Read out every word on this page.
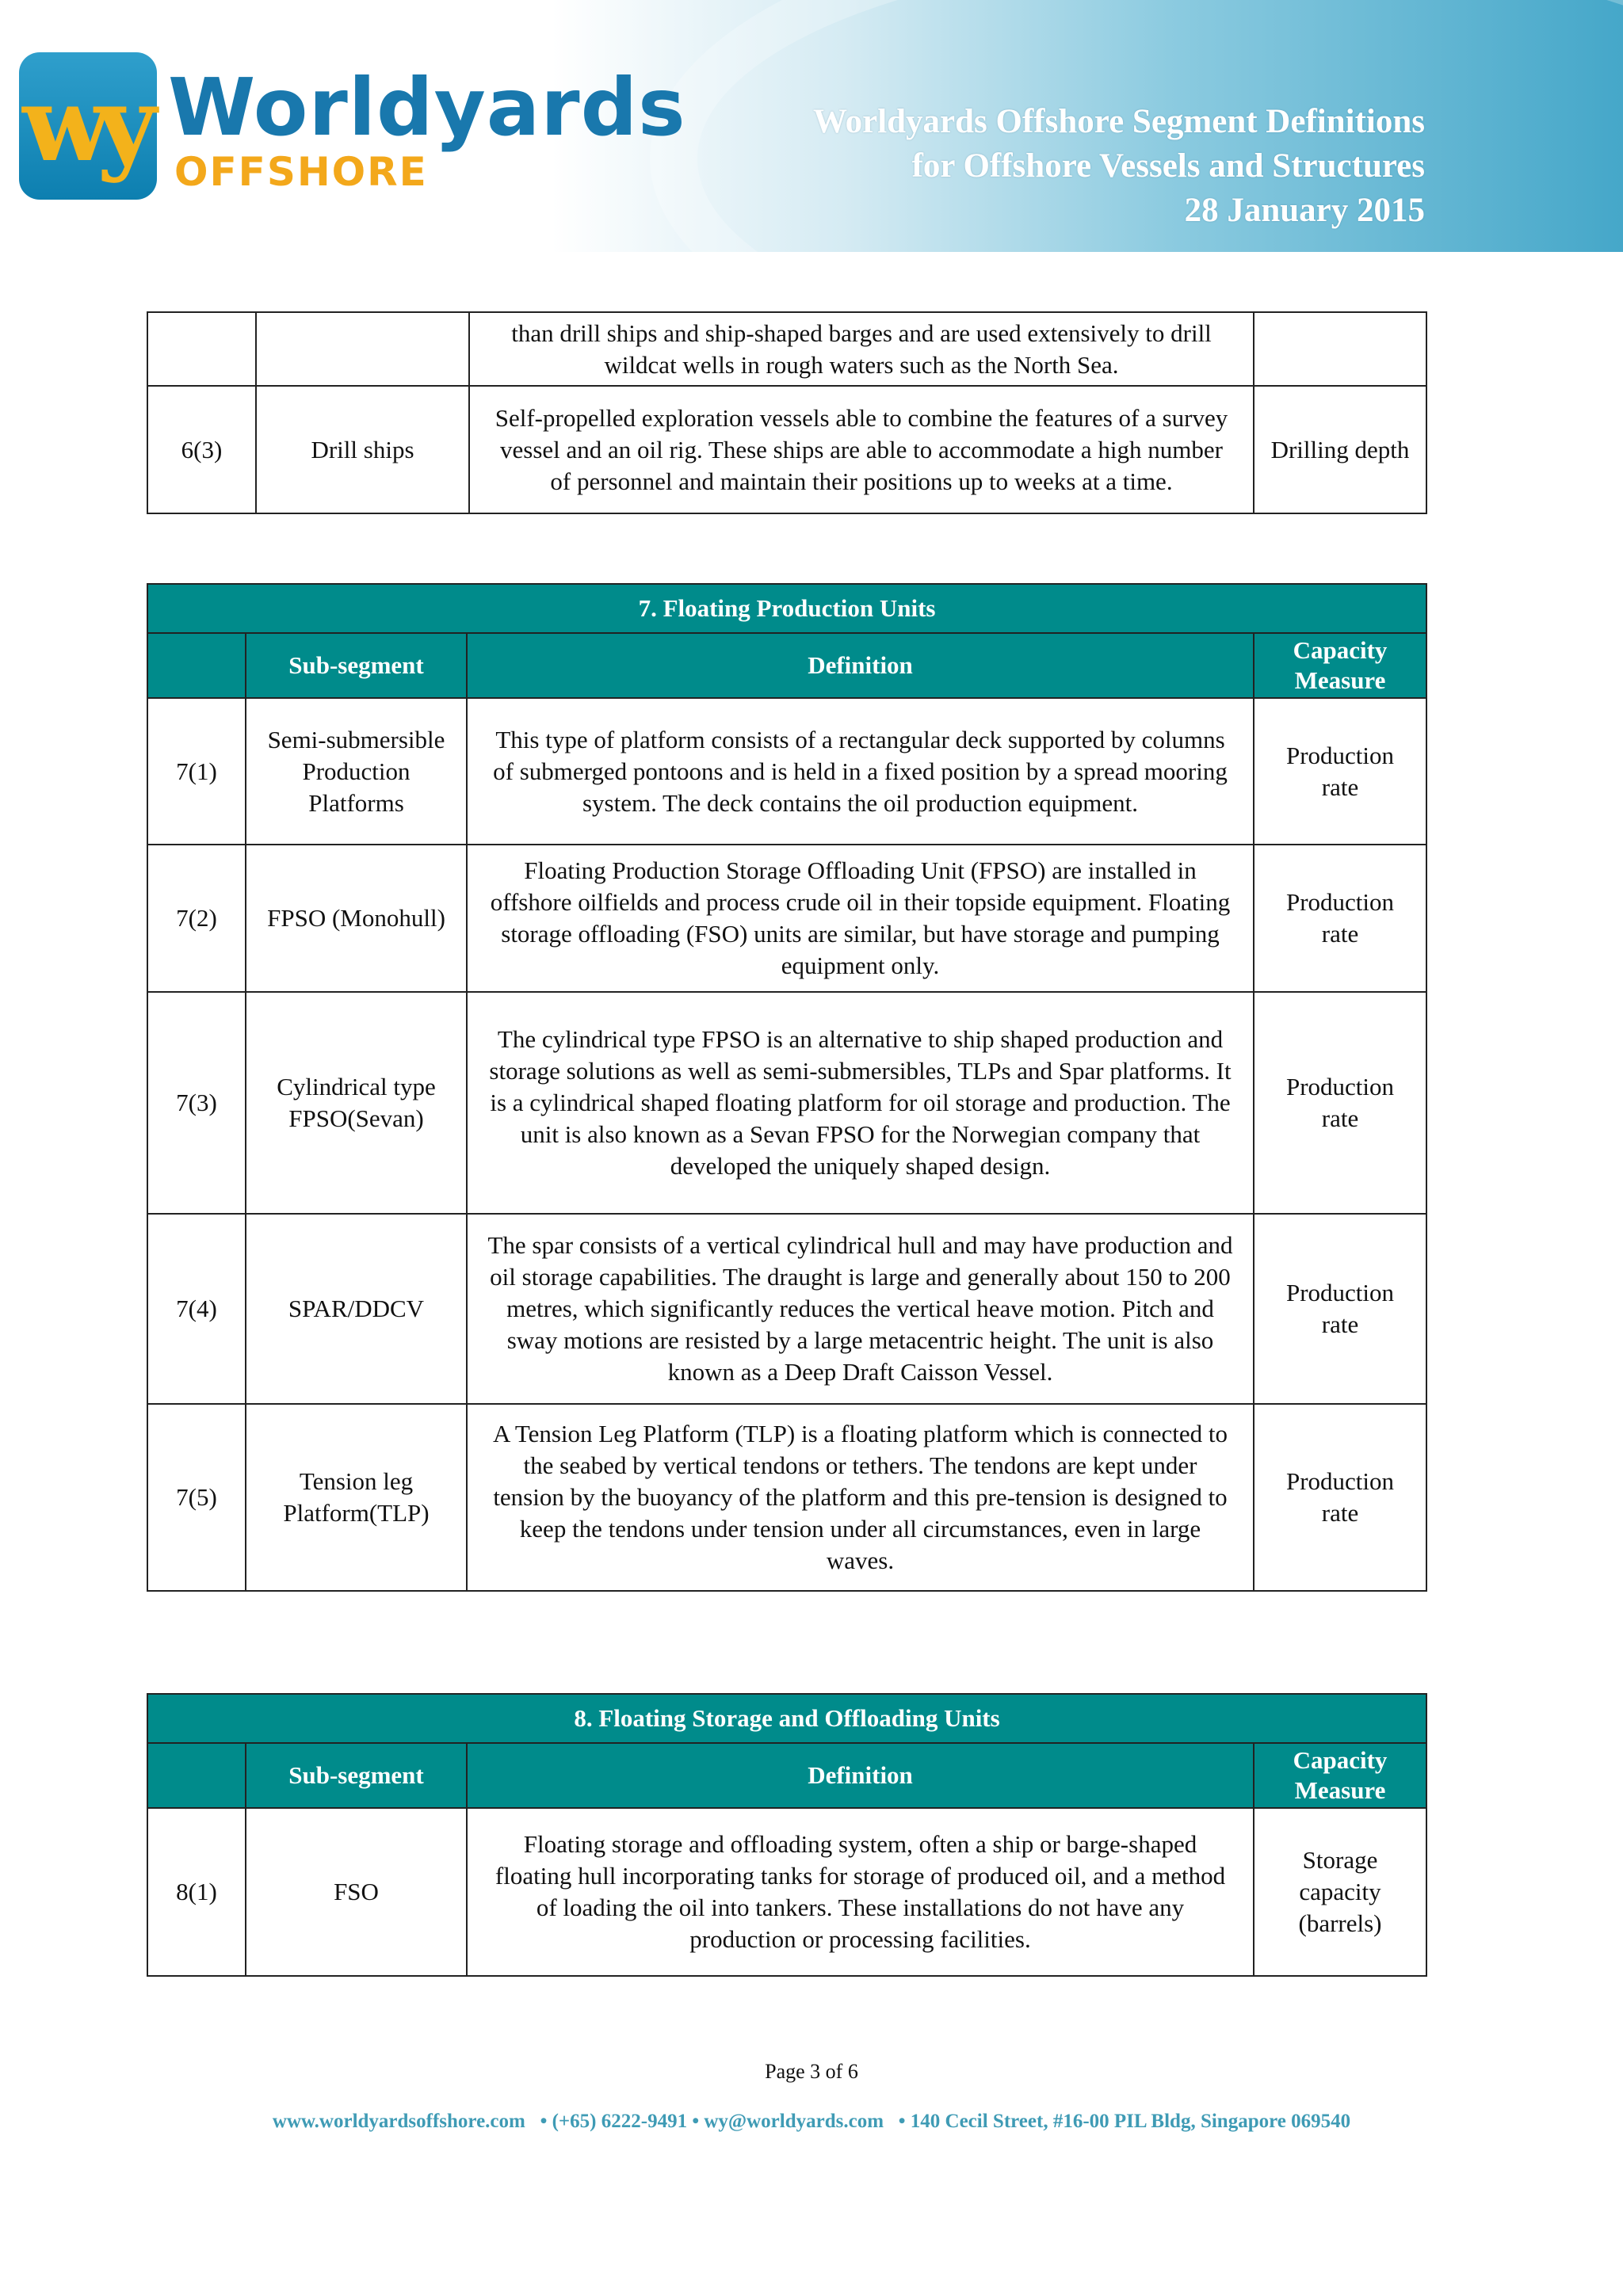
wy Worldyards
OFFSHORE
Worldyards Offshore Segment Definitions
for Offshore Vessels and Structures
28 January 2015
		than drill ships and ship-shaped barges and are used extensively to drill wildcat wells in rough waters such as the North Sea.	
6(3)	Drill ships	Self-propelled exploration vessels able to combine the features of a survey vessel and an oil rig. These ships are able to accommodate a high number of personnel and maintain their positions up to weeks at a time.	Drilling depth
7. Floating Production Units			
	Sub-segment	Definition	Capacity Measure
7(1)	Semi-submersible Production Platforms	This type of platform consists of a rectangular deck supported by columns of submerged pontoons and is held in a fixed position by a spread mooring system. The deck contains the oil production equipment.	Production rate
7(2)	FPSO (Monohull)	Floating Production Storage Offloading Unit (FPSO) are installed in offshore oilfields and process crude oil in their topside equipment. Floating storage offloading (FSO) units are similar, but have storage and pumping equipment only.	Production rate
7(3)	Cylindrical type FPSO(Sevan)	The cylindrical type FPSO is an alternative to ship shaped production and storage solutions as well as semi-submersibles, TLPs and Spar platforms. It is a cylindrical shaped floating platform for oil storage and production. The unit is also known as a Sevan FPSO for the Norwegian company that developed the uniquely shaped design.	Production rate
7(4)	SPAR/DDCV	The spar consists of a vertical cylindrical hull and may have production and oil storage capabilities. The draught is large and generally about 150 to 200 metres, which significantly reduces the vertical heave motion. Pitch and sway motions are resisted by a large metacentric height. The unit is also known as a Deep Draft Caisson Vessel.	Production rate
7(5)	Tension leg Platform(TLP)	A Tension Leg Platform (TLP) is a floating platform which is connected to the seabed by vertical tendons or tethers. The tendons are kept under tension by the buoyancy of the platform and this pre-tension is designed to keep the tendons under tension under all circumstances, even in large waves.	Production rate
8. Floating Storage and Offloading Units			
	Sub-segment	Definition	Capacity Measure
8(1)	FSO	Floating storage and offloading system, often a ship or barge-shaped floating hull incorporating tanks for storage of produced oil, and a method of loading the oil into tankers. These installations do not have any production or processing facilities.	Storage capacity (barrels)
Page 3 of 6
www.worldyardsoffshore.com   • (+65) 6222-9491 • wy@worldyards.com   • 140 Cecil Street, #16-00 PIL Bldg, Singapore 069540
